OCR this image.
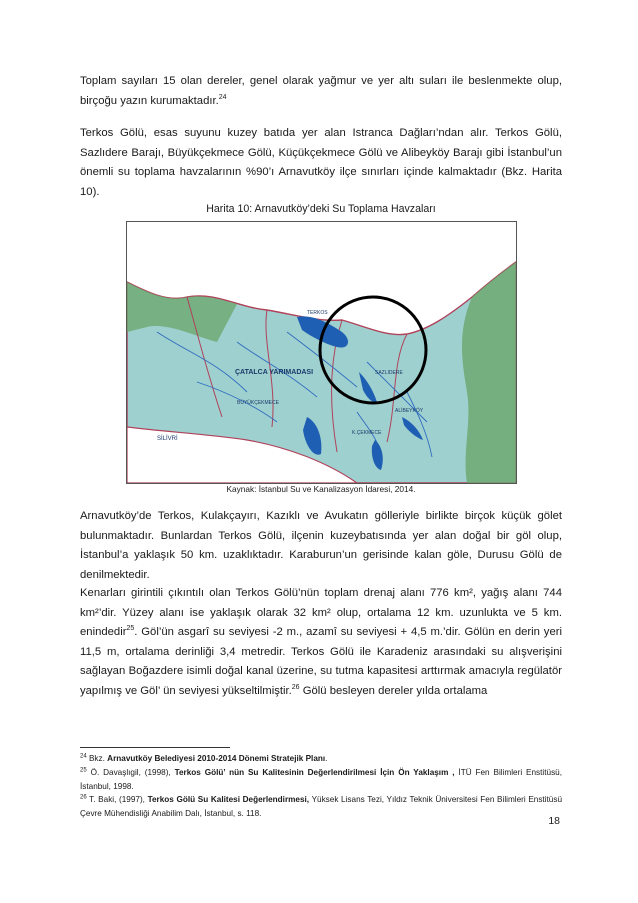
Toplam sayıları 15 olan dereler, genel olarak yağmur ve yer altı suları ile beslenmekte olup, birçoğu yazın kurumaktadır.$^{24}$

Terkos Gölü, esas suyunu kuzey batıda yer alan Istranca Dağları’ndan alır. Terkos Gölü, Sazlıdere Barajı, Büyükçekmece Gölü, Küçükçekmece Gölü ve Alibeyköy Barajı gibi İstanbul’un önemli su toplama havzalarının %90’ı Arnavutköy ilçe sınırları içinde kalmaktadır (Bkz. Harita 10).

Harita 10: Arnavutköy’deki Su Toplama Havzaları
ÇATALCA YARIMADASI
SİLİVRİ
BÜYÜKÇEKMECE
TERKOS
SAZLIDERE
ALİBEYKÖY
K.ÇEKMECE
Kaynak: İstanbul Su ve Kanalizasyon İdaresi, 2014.

Arnavutköy’de Terkos, Kulakçayırı, Kazıklı ve Avukatın gölleriyle birlikte birçok küçük gölet bulunmaktadır. Bunlardan Terkos Gölü, ilçenin kuzeybatısında yer alan doğal bir göl olup, İstanbul’a yaklaşık 50 km. uzaklıktadır. Karaburun’un gerisinde kalan göle, Durusu Gölü de denilmektedir.

Kenarları girintili çıkıntılı olan Terkos Gölü’nün toplam drenaj alanı 776 km², yağış alanı 744 km²’dir. Yüzey alanı ise yaklaşık olarak 32 km² olup, ortalama 12 km. uzunlukta ve 5 km. enindedir$^{25}$. Göl’ün asgarî su seviyesi -2 m., azamî su seviyesi + 4,5 m.’dir. Gölün en derin yeri 11,5 m, ortalama derinliği 3,4 metredir. Terkos Gölü ile Karadeniz arasındaki su alışverişini sağlayan Boğazdere isimli doğal kanal üzerine, su tutma kapasitesi arttırmak amacıyla regülatör yapılmış ve Göl’ ün seviyesi yükseltilmiştir.$^{26}$ Gölü besleyen dereler yılda ortalama

$^{24}$ Bkz. Arnavutköy Belediyesi 2010-2014 Dönemi Stratejik Planı.

$^{25}$ Ö. Davaşlıgil, (1998), Terkos Gölü’ nün Su Kalitesinin Değerlendirilmesi İçin Ön Yaklaşım , İTÜ Fen Bilimleri Enstitüsü, İstanbul, 1998.

$^{26}$ T. Baki, (1997), Terkos Gölü Su Kalitesi Değerlendirmesi, Yüksek Lisans Tezi, Yıldız Teknik Üniversitesi Fen Bilimleri Enstitüsü Çevre Mühendisliği Anabilim Dalı, İstanbul, s. 118.

18
